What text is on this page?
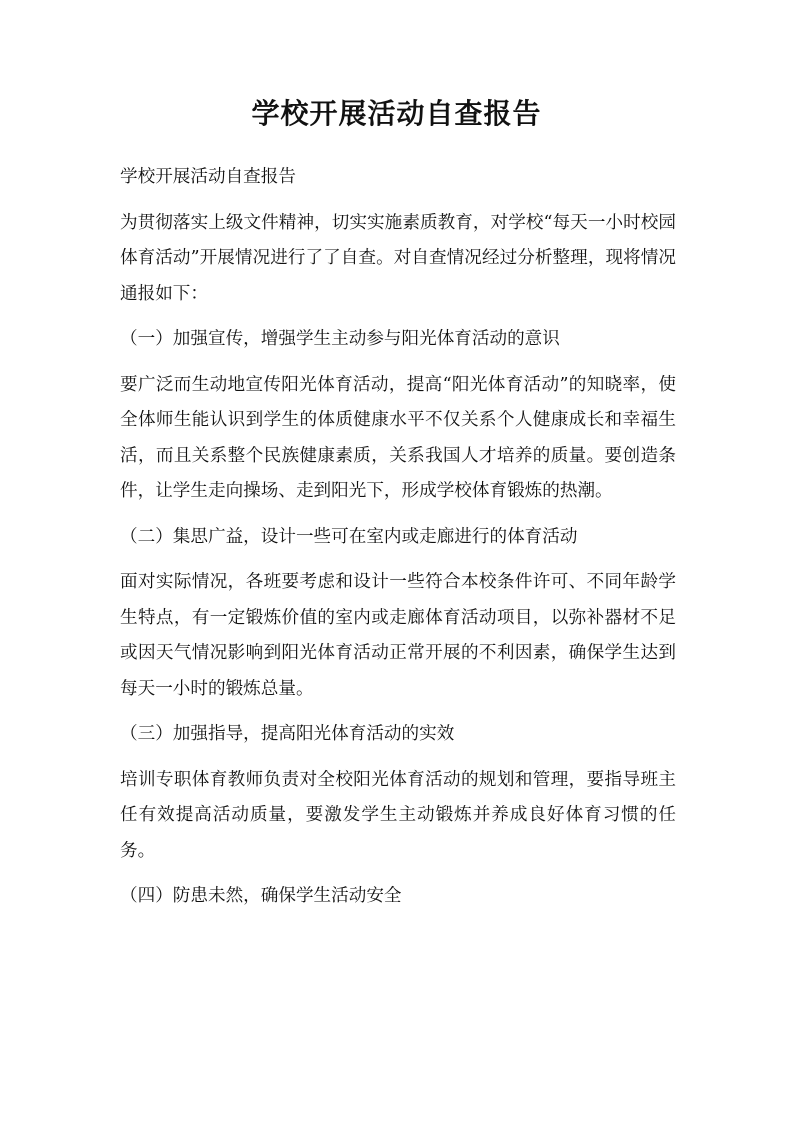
学校开展活动自查报告

学校开展活动自查报告

为贯彻落实上级文件精神，切实实施素质教育，对学校“每天一小时校园体育活动”开展情况进行了了自查。对自查情况经过分析整理，现将情况通报如下：

（一）加强宣传，增强学生主动参与阳光体育活动的意识

要广泛而生动地宣传阳光体育活动，提高“阳光体育活动”的知晓率，使全体师生能认识到学生的体质健康水平不仅关系个人健康成长和幸福生活，而且关系整个民族健康素质，关系我国人才培养的质量。要创造条件，让学生走向操场、走到阳光下，形成学校体育锻炼的热潮。

（二）集思广益，设计一些可在室内或走廊进行的体育活动

面对实际情况，各班要考虑和设计一些符合本校条件许可、不同年龄学生特点，有一定锻炼价值的室内或走廊体育活动项目，以弥补器材不足或因天气情况影响到阳光体育活动正常开展的不利因素，确保学生达到每天一小时的锻炼总量。

（三）加强指导，提高阳光体育活动的实效

培训专职体育教师负责对全校阳光体育活动的规划和管理，要指导班主任有效提高活动质量，要激发学生主动锻炼并养成良好体育习惯的任务。

（四）防患未然，确保学生活动安全
